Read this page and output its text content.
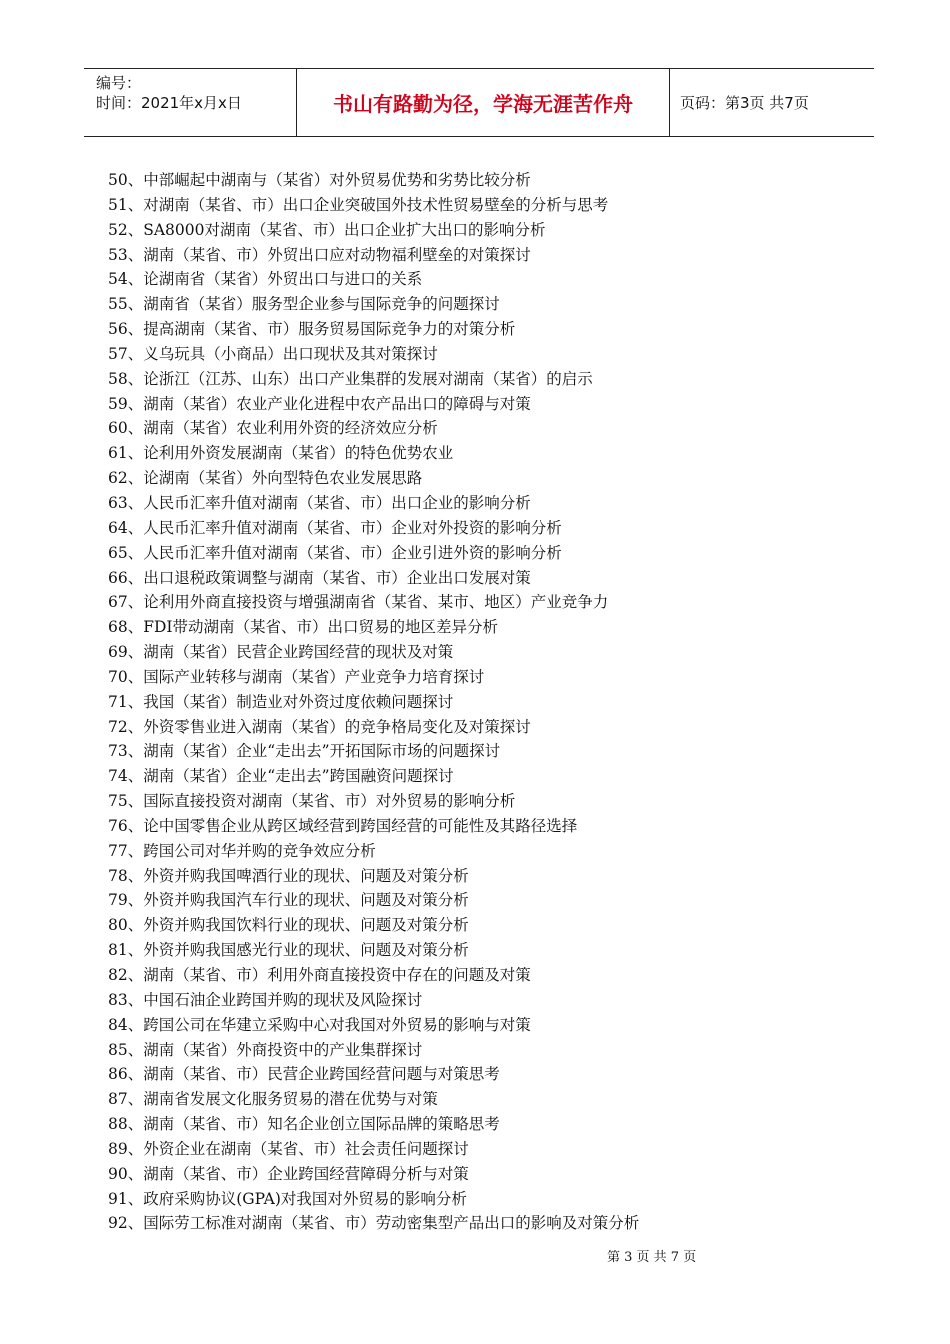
编号：
时间：2021年x月x日	书山有路勤为径，学海无涯苦作舟	页码：第3页 共7页
50、中部崛起中湖南与（某省）对外贸易优势和劣势比较分析
51、对湖南（某省、市）出口企业突破国外技术性贸易壁垒的分析与思考
52、SA8000对湖南（某省、市）出口企业扩大出口的影响分析
53、湖南（某省、市）外贸出口应对动物福利壁垒的对策探讨
54、论湖南省（某省）外贸出口与进口的关系
55、湖南省（某省）服务型企业参与国际竞争的问题探讨
56、提高湖南（某省、市）服务贸易国际竞争力的对策分析
57、义乌玩具（小商品）出口现状及其对策探讨
58、论浙江（江苏、山东）出口产业集群的发展对湖南（某省）的启示
59、湖南（某省）农业产业化进程中农产品出口的障碍与对策
60、湖南（某省）农业利用外资的经济效应分析
61、论利用外资发展湖南（某省）的特色优势农业
62、论湖南（某省）外向型特色农业发展思路
63、人民币汇率升值对湖南（某省、市）出口企业的影响分析
64、人民币汇率升值对湖南（某省、市）企业对外投资的影响分析
65、人民币汇率升值对湖南（某省、市）企业引进外资的影响分析
66、出口退税政策调整与湖南（某省、市）企业出口发展对策
67、论利用外商直接投资与增强湖南省（某省、某市、地区）产业竞争力
68、FDI带动湖南（某省、市）出口贸易的地区差异分析
69、湖南（某省）民营企业跨国经营的现状及对策
70、国际产业转移与湖南（某省）产业竞争力培育探讨
71、我国（某省）制造业对外资过度依赖问题探讨
72、外资零售业进入湖南（某省）的竞争格局变化及对策探讨
73、湖南（某省）企业“走出去”开拓国际市场的问题探讨
74、湖南（某省）企业“走出去”跨国融资问题探讨
75、国际直接投资对湖南（某省、市）对外贸易的影响分析
76、论中国零售企业从跨区域经营到跨国经营的可能性及其路径选择
77、跨国公司对华并购的竞争效应分析
78、外资并购我国啤酒行业的现状、问题及对策分析
79、外资并购我国汽车行业的现状、问题及对策分析
80、外资并购我国饮料行业的现状、问题及对策分析
81、外资并购我国感光行业的现状、问题及对策分析
82、湖南（某省、市）利用外商直接投资中存在的问题及对策
83、中国石油企业跨国并购的现状及风险探讨
84、跨国公司在华建立采购中心对我国对外贸易的影响与对策
85、湖南（某省）外商投资中的产业集群探讨
86、湖南（某省、市）民营企业跨国经营问题与对策思考
87、湖南省发展文化服务贸易的潜在优势与对策
88、湖南（某省、市）知名企业创立国际品牌的策略思考
89、外资企业在湖南（某省、市）社会责任问题探讨
90、湖南（某省、市）企业跨国经营障碍分析与对策
91、政府采购协议(GPA)对我国对外贸易的影响分析
92、国际劳工标准对湖南（某省、市）劳动密集型产品出口的影响及对策分析
第 3 页 共 7 页
